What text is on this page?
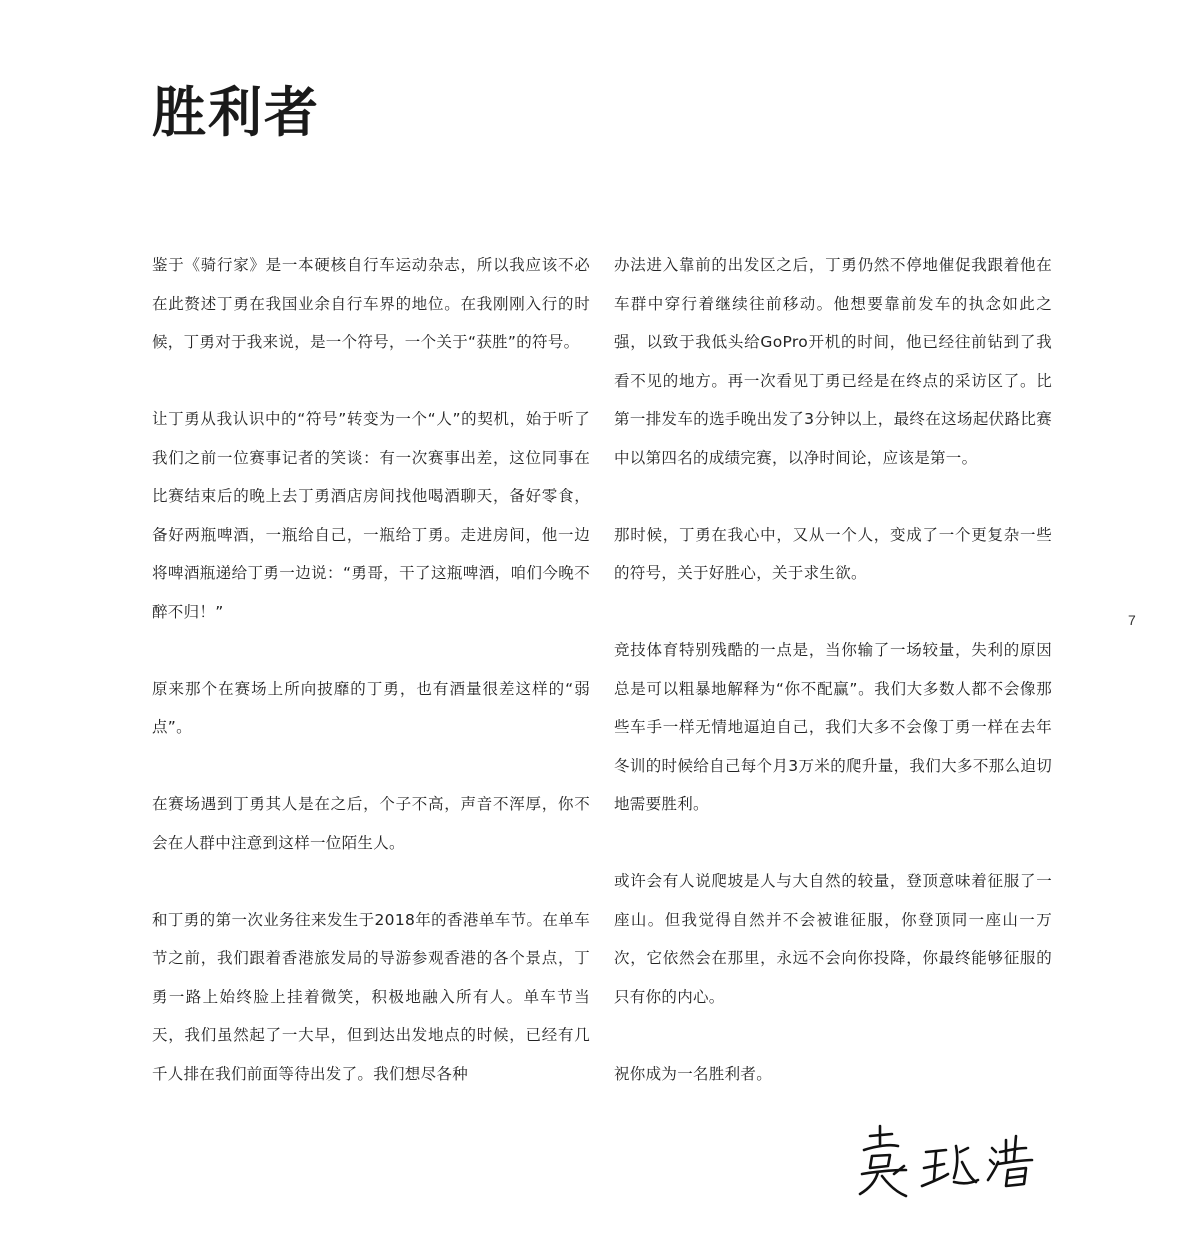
胜利者

鉴于《骑行家》是一本硬核自行车运动杂志，所以我应该不必在此赘述丁勇在我国业余自行车界的地位。在我刚刚入行的时候，丁勇对于我来说，是一个符号，一个关于“获胜”的符号。

让丁勇从我认识中的“符号”转变为一个“人”的契机，始于听了我们之前一位赛事记者的笑谈：有一次赛事出差，这位同事在比赛结束后的晚上去丁勇酒店房间找他喝酒聊天，备好零食，备好两瓶啤酒，一瓶给自己，一瓶给丁勇。走进房间，他一边将啤酒瓶递给丁勇一边说：“勇哥，干了这瓶啤酒，咱们今晚不醉不归！”

原来那个在赛场上所向披靡的丁勇，也有酒量很差这样的“弱点”。

在赛场遇到丁勇其人是在之后，个子不高，声音不浑厚，你不会在人群中注意到这样一位陌生人。

和丁勇的第一次业务往来发生于2018年的香港单车节。在单车节之前，我们跟着香港旅发局的导游参观香港的各个景点，丁勇一路上始终脸上挂着微笑，积极地融入所有人。单车节当天，我们虽然起了一大早，但到达出发地点的时候，已经有几千人排在我们前面等待出发了。我们想尽各种

办法进入靠前的出发区之后，丁勇仍然不停地催促我跟着他在车群中穿行着继续往前移动。他想要靠前发车的执念如此之强，以致于我低头给GoPro开机的时间，他已经往前钻到了我看不见的地方。再一次看见丁勇已经是在终点的采访区了。比第一排发车的选手晚出发了3分钟以上，最终在这场起伏路比赛中以第四名的成绩完赛，以净时间论，应该是第一。

那时候，丁勇在我心中，又从一个人，变成了一个更复杂一些的符号，关于好胜心，关于求生欲。

竞技体育特别残酷的一点是，当你输了一场较量，失利的原因总是可以粗暴地解释为“你不配赢”。我们大多数人都不会像那些车手一样无情地逼迫自己，我们大多不会像丁勇一样在去年冬训的时候给自己每个月3万米的爬升量，我们大多不那么迫切地需要胜利。

或许会有人说爬坡是人与大自然的较量，登顶意味着征服了一座山。但我觉得自然并不会被谁征服，你登顶同一座山一万次，它依然会在那里，永远不会向你投降，你最终能够征服的只有你的内心。

祝你成为一名胜利者。

7
